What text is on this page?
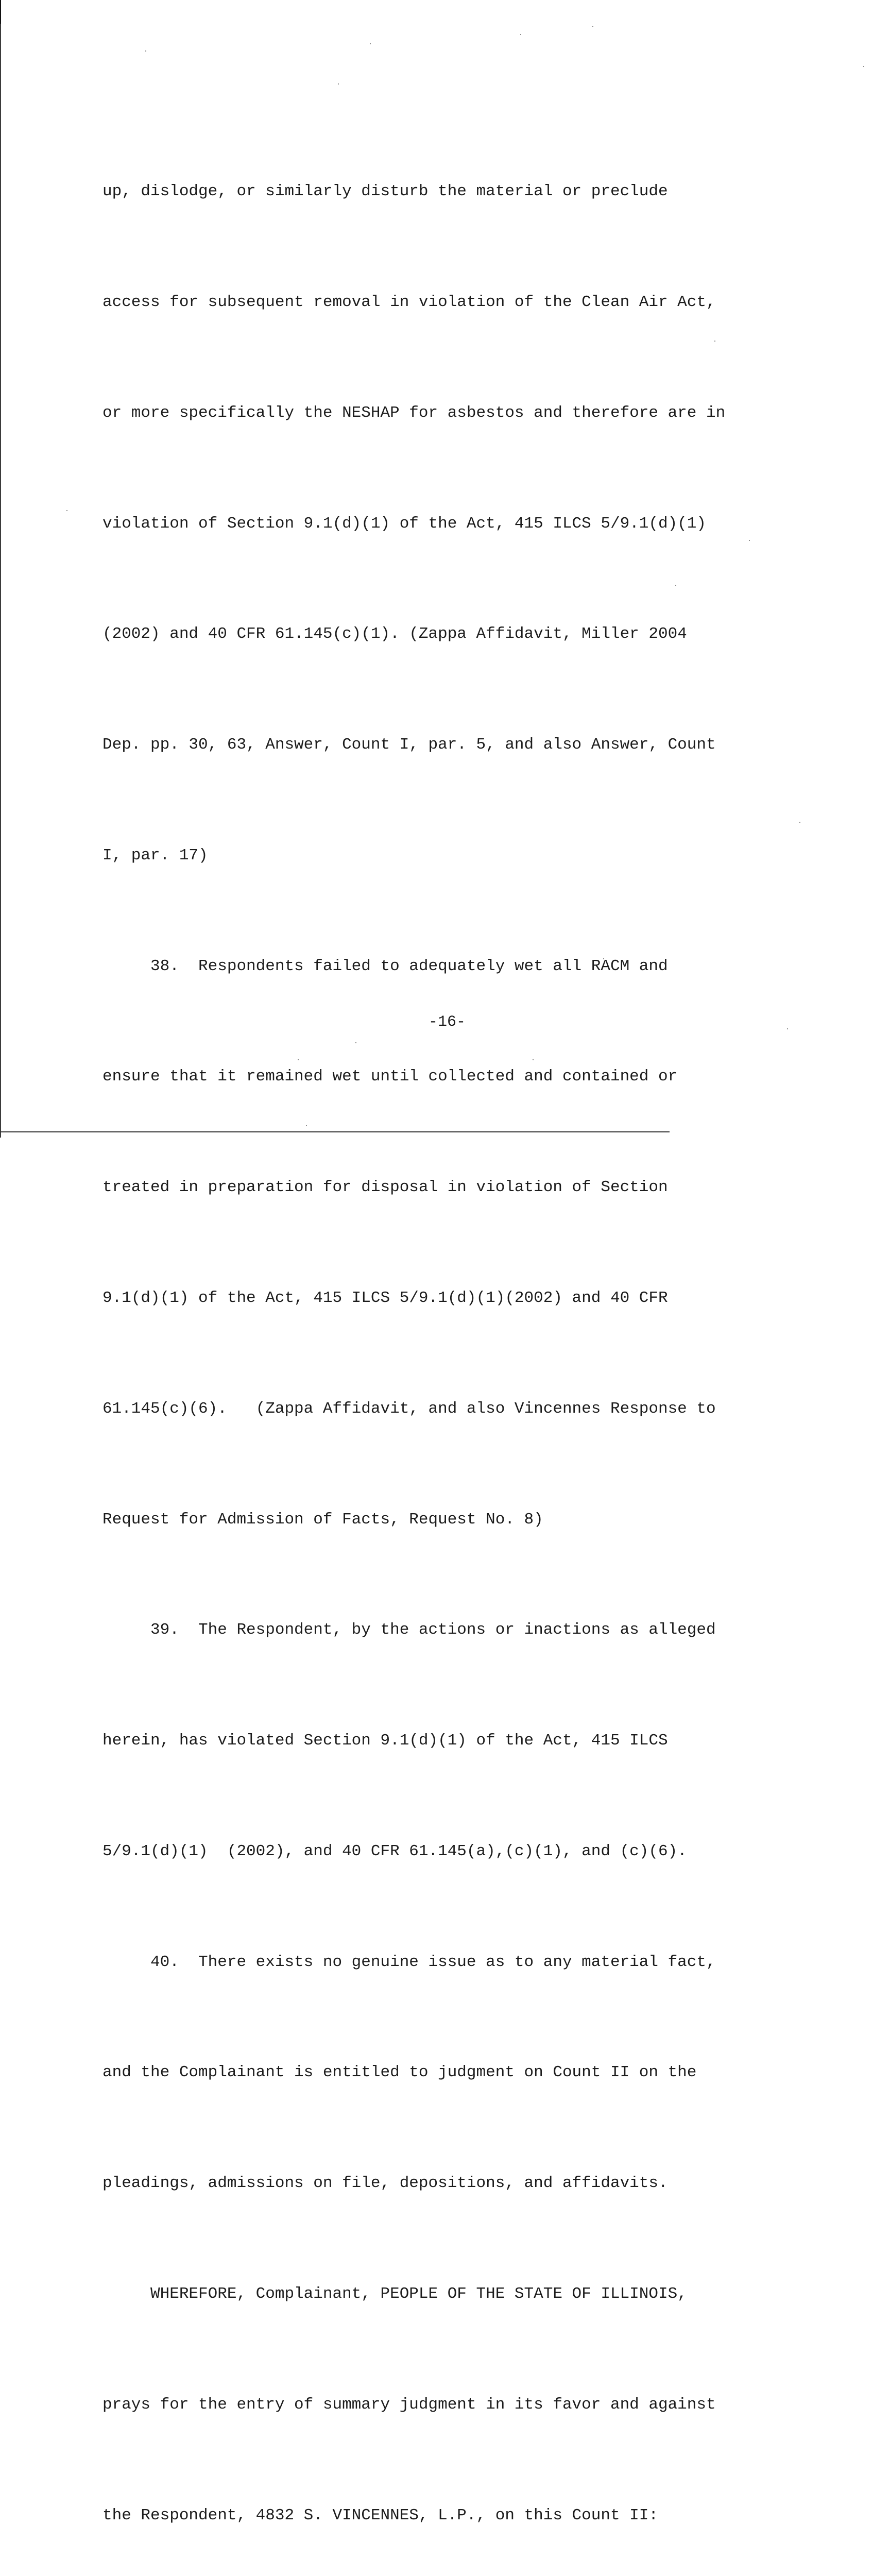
up, dislodge, or similarly disturb the material or preclude

access for subsequent removal in violation of the Clean Air Act,

or more specifically the NESHAP for asbestos and therefore are in

violation of Section 9.1(d)(1) of the Act, 415 ILCS 5/9.1(d)(1)

(2002) and 40 CFR 61.145(c)(1). (Zappa Affidavit, Miller 2004

Dep. pp. 30, 63, Answer, Count I, par. 5, and also Answer, Count

I, par. 17)

38.  Respondents failed to adequately wet all RACM and

ensure that it remained wet until collected and contained or

treated in preparation for disposal in violation of Section

9.1(d)(1) of the Act, 415 ILCS 5/9.1(d)(1)(2002) and 40 CFR

61.145(c)(6).   (Zappa Affidavit, and also Vincennes Response to

Request for Admission of Facts, Request No. 8)

39.  The Respondent, by the actions or inactions as alleged

herein, has violated Section 9.1(d)(1) of the Act, 415 ILCS

5/9.1(d)(1)  (2002), and 40 CFR 61.145(a),(c)(1), and (c)(6).

40.  There exists no genuine issue as to any material fact,

and the Complainant is entitled to judgment on Count II on the

pleadings, admissions on file, depositions, and affidavits.

WHEREFORE, Complainant, PEOPLE OF THE STATE OF ILLINOIS,

prays for the entry of summary judgment in its favor and against

the Respondent, 4832 S. VINCENNES, L.P., on this Count II:

-16-
